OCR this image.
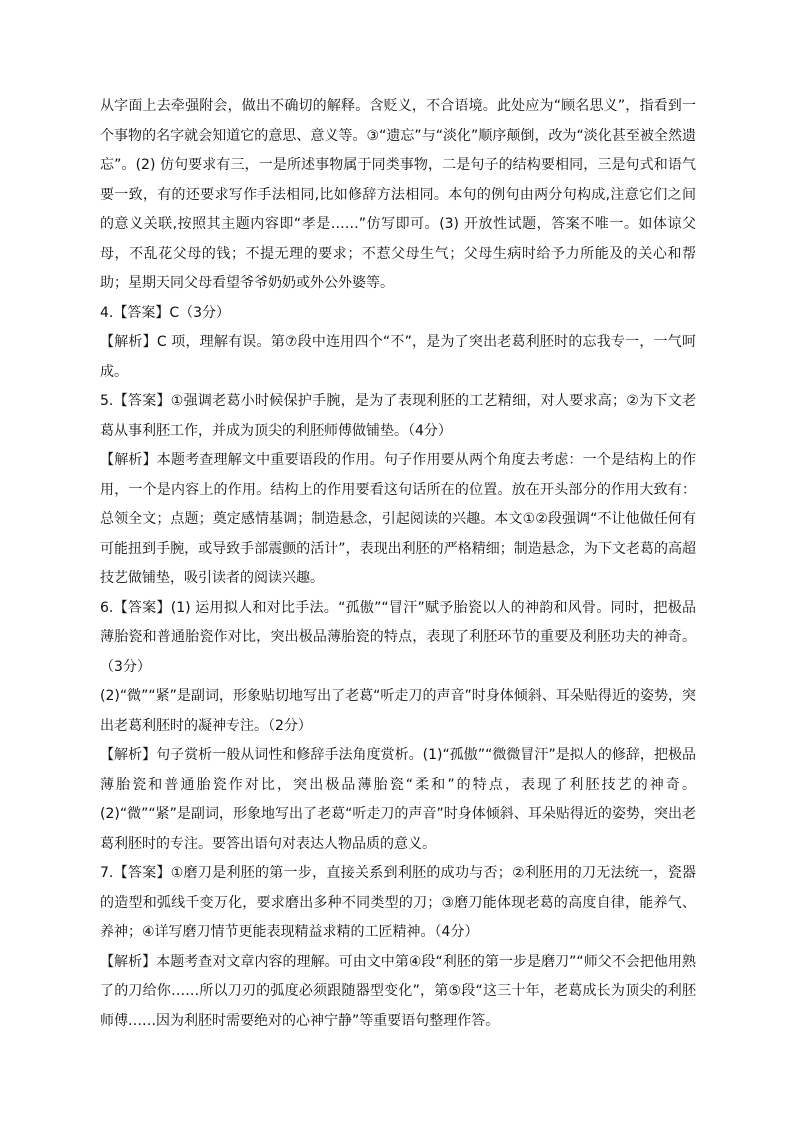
从字面上去牵强附会，做出不确切的解释。含贬义，不合语境。此处应为“顾名思义”，指看到一个事物的名字就会知道它的意思、意义等。③“遗忘”与“淡化”顺序颠倒，改为“淡化甚至被全然遗忘”。(2) 仿句要求有三，一是所述事物属于同类事物，二是句子的结构要相同，三是句式和语气要一致，有的还要求写作手法相同,比如修辞方法相同。本句的例句由两分句构成,注意它们之间的意义关联,按照其主题内容即“孝是……”仿写即可。(3) 开放性试题，答案不唯一。如体谅父母，不乱花父母的钱；不提无理的要求；不惹父母生气；父母生病时给予力所能及的关心和帮助；星期天同父母看望爷爷奶奶或外公外婆等。

4.【答案】C（3分）

【解析】C 项，理解有误。第⑦段中连用四个“不”，是为了突出老葛利胚时的忘我专一，一气呵成。

5.【答案】①强调老葛小时候保护手腕，是为了表现利胚的工艺精细，对人要求高；②为下文老葛从事利胚工作，并成为顶尖的利胚师傅做铺垫。（4分）

【解析】本题考查理解文中重要语段的作用。句子作用要从两个角度去考虑：一个是结构上的作用，一个是内容上的作用。结构上的作用要看这句话所在的位置。放在开头部分的作用大致有：总领全文；点题；奠定感情基调；制造悬念，引起阅读的兴趣。本文①②段强调“不让他做任何有可能扭到手腕，或导致手部震颤的活计”，表现出利胚的严格精细；制造悬念，为下文老葛的高超技艺做铺垫，吸引读者的阅读兴趣。

6.【答案】(1) 运用拟人和对比手法。“孤傲”“冒汗”赋予胎瓷以人的神韵和风骨。同时，把极品薄胎瓷和普通胎瓷作对比，突出极品薄胎瓷的特点，表现了利胚环节的重要及利胚功夫的神奇。（3分）

(2)“微”“紧”是副词，形象贴切地写出了老葛“听走刀的声音”时身体倾斜、耳朵贴得近的姿势，突出老葛利胚时的凝神专注。（2分）

【解析】句子赏析一般从词性和修辞手法角度赏析。(1)“孤傲”“微微冒汗”是拟人的修辞，把极品薄胎瓷和普通胎瓷作对比，突出极品薄胎瓷“柔和”的特点，表现了利胚技艺的神奇。(2)“微”“紧”是副词，形象地写出了老葛“听走刀的声音”时身体倾斜、耳朵贴得近的姿势，突出老葛利胚时的专注。要答出语句对表达人物品质的意义。

7.【答案】①磨刀是利胚的第一步，直接关系到利胚的成功与否；②利胚用的刀无法统一，瓷器的造型和弧线千变万化，要求磨出多种不同类型的刀；③磨刀能体现老葛的高度自律，能养气、养神；④详写磨刀情节更能表现精益求精的工匠精神。（4分）

【解析】本题考查对文章内容的理解。可由文中第④段“利胚的第一步是磨刀”“师父不会把他用熟了的刀给你……所以刀刃的弧度必须跟随器型变化”，第⑤段“这三十年，老葛成长为顶尖的利胚师傅……因为利胚时需要绝对的心神宁静”等重要语句整理作答。
